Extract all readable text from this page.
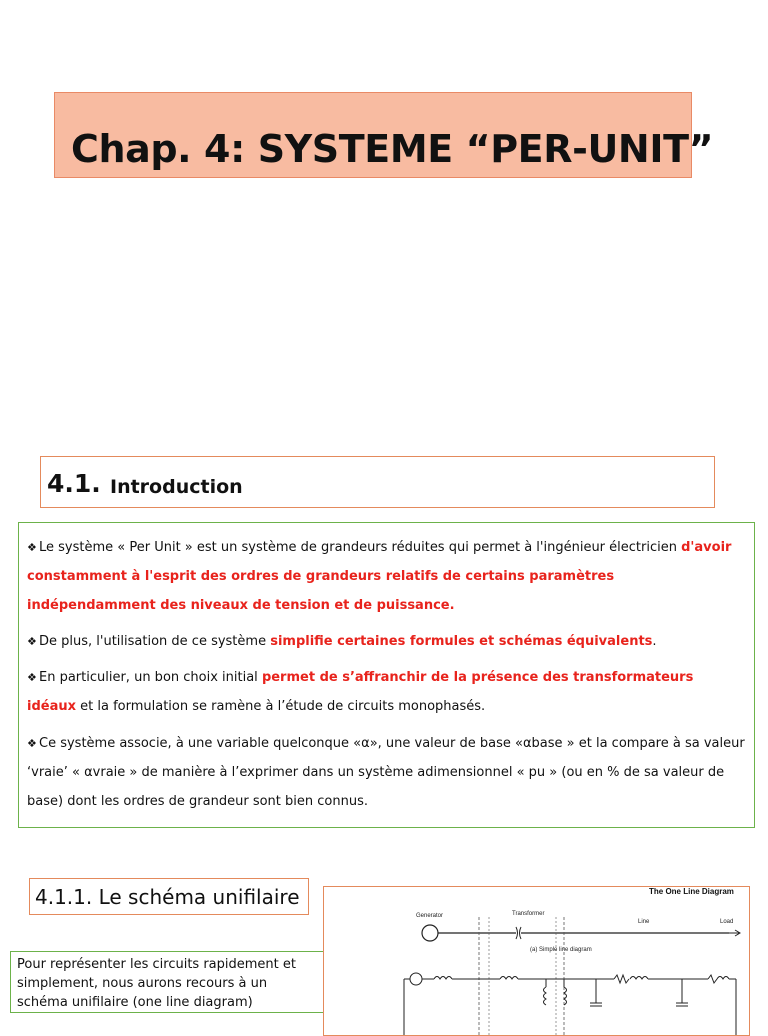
Chap. 4: SYSTEME “PER-UNIT”
4.1. Introduction
❖ Le système « Per Unit » est un système de grandeurs réduites qui permet à l'ingénieur électricien d'avoir constamment à l'esprit des ordres de grandeurs relatifs de certains paramètres indépendamment des niveaux de tension et de puissance.
❖ De plus, l'utilisation de ce système simplifie certaines formules et schémas équivalents.
❖ En particulier, un bon choix initial permet de s’affranchir de la présence des transformateurs idéaux et la formulation se ramène à l’étude de circuits monophasés.
❖ Ce système associe, à une variable quelconque «α», une valeur de base «αbase » et la compare à sa valeur ‘vraie’ « αvraie » de manière à l’exprimer dans un système adimensionnel « pu » (ou en % de sa valeur de base) dont les ordres de grandeur sont bien connus.
4.1.1. Le schéma unifilaire
Pour représenter les circuits rapidement et simplement, nous aurons recours à un schéma unifilaire (one line diagram)
The One Line Diagram
Generator	Transformer
Line	Load
(a) Simple line diagram
